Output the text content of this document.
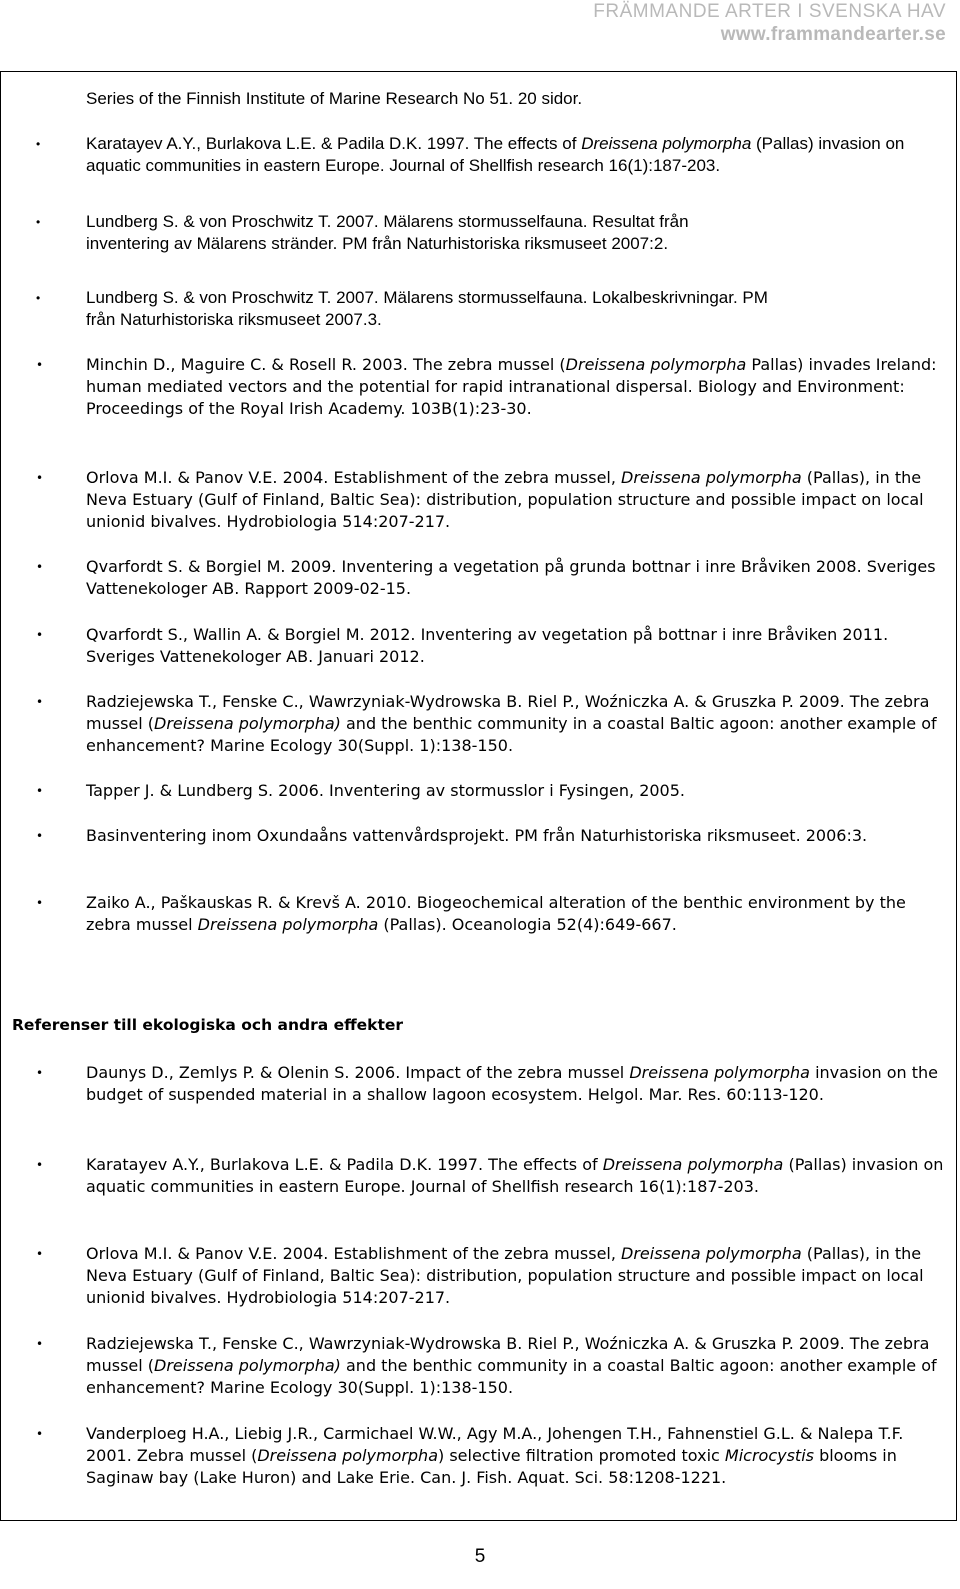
FRÄMMANDE ARTER I SVENSKA HAV
www.frammandearter.se

Series of the Finnish Institute of Marine Research No 51. 20 sidor.

• Karatayev A.Y., Burlakova L.E. & Padila D.K. 1997. The effects of Dreissena polymorpha (Pallas) invasion on aquatic communities in eastern Europe. Journal of Shellfish research 16(1):187-203.

• Lundberg S. & von Proschwitz T. 2007. Mälarens stormusselfauna. Resultat från
inventering av Mälarens stränder. PM från Naturhistoriska riksmuseet 2007:2.

• Lundberg S. & von Proschwitz T. 2007. Mälarens stormusselfauna. Lokalbeskrivningar. PM
från Naturhistoriska riksmuseet 2007.3.

• Minchin D., Maguire C. & Rosell R. 2003. The zebra mussel (Dreissena polymorpha Pallas) invades Ireland: human mediated vectors and the potential for rapid intranational dispersal. Biology and Environment: Proceedings of the Royal Irish Academy. 103B(1):23-30.

• Orlova M.I. & Panov V.E. 2004. Establishment of the zebra mussel, Dreissena polymorpha (Pallas), in the Neva Estuary (Gulf of Finland, Baltic Sea): distribution, population structure and possible impact on local unionid bivalves. Hydrobiologia 514:207-217.

• Qvarfordt S. & Borgiel M. 2009. Inventering a vegetation på grunda bottnar i inre Bråviken 2008. Sveriges Vattenekologer AB. Rapport 2009-02-15.

• Qvarfordt S., Wallin A. & Borgiel M. 2012. Inventering av vegetation på bottnar i inre Bråviken 2011. Sveriges Vattenekologer AB. Januari 2012.

• Radziejewska T., Fenske C., Wawrzyniak-Wydrowska B. Riel P., Woźniczka A. & Gruszka P. 2009. The zebra mussel (Dreissena polymorpha) and the benthic community in a coastal Baltic agoon: another example of enhancement? Marine Ecology 30(Suppl. 1):138-150.

• Tapper J. & Lundberg S. 2006. Inventering av stormusslor i Fysingen, 2005.

• Basinventering inom Oxundaåns vattenvårdsprojekt. PM från Naturhistoriska riksmuseet. 2006:3.

• Zaiko A., Paškauskas R. & Krevš A. 2010. Biogeochemical alteration of the benthic environment by the zebra mussel Dreissena polymorpha (Pallas). Oceanologia 52(4):649-667.

Referenser till ekologiska och andra effekter

• Daunys D., Zemlys P. & Olenin S. 2006. Impact of the zebra mussel Dreissena polymorpha invasion on the budget of suspended material in a shallow lagoon ecosystem. Helgol. Mar. Res. 60:113-120.

• Karatayev A.Y., Burlakova L.E. & Padila D.K. 1997. The effects of Dreissena polymorpha (Pallas) invasion on aquatic communities in eastern Europe. Journal of Shellfish research 16(1):187-203.

• Orlova M.I. & Panov V.E. 2004. Establishment of the zebra mussel, Dreissena polymorpha (Pallas), in the Neva Estuary (Gulf of Finland, Baltic Sea): distribution, population structure and possible impact on local unionid bivalves. Hydrobiologia 514:207-217.

• Radziejewska T., Fenske C., Wawrzyniak-Wydrowska B. Riel P., Woźniczka A. & Gruszka P. 2009. The zebra mussel (Dreissena polymorpha) and the benthic community in a coastal Baltic agoon: another example of enhancement? Marine Ecology 30(Suppl. 1):138-150.

• Vanderploeg H.A., Liebig J.R., Carmichael W.W., Agy M.A., Johengen T.H., Fahnenstiel G.L. & Nalepa T.F. 2001. Zebra mussel (Dreissena polymorpha) selective filtration promoted toxic Microcystis blooms in Saginaw bay (Lake Huron) and Lake Erie. Can. J. Fish. Aquat. Sci. 58:1208-1221.

5
